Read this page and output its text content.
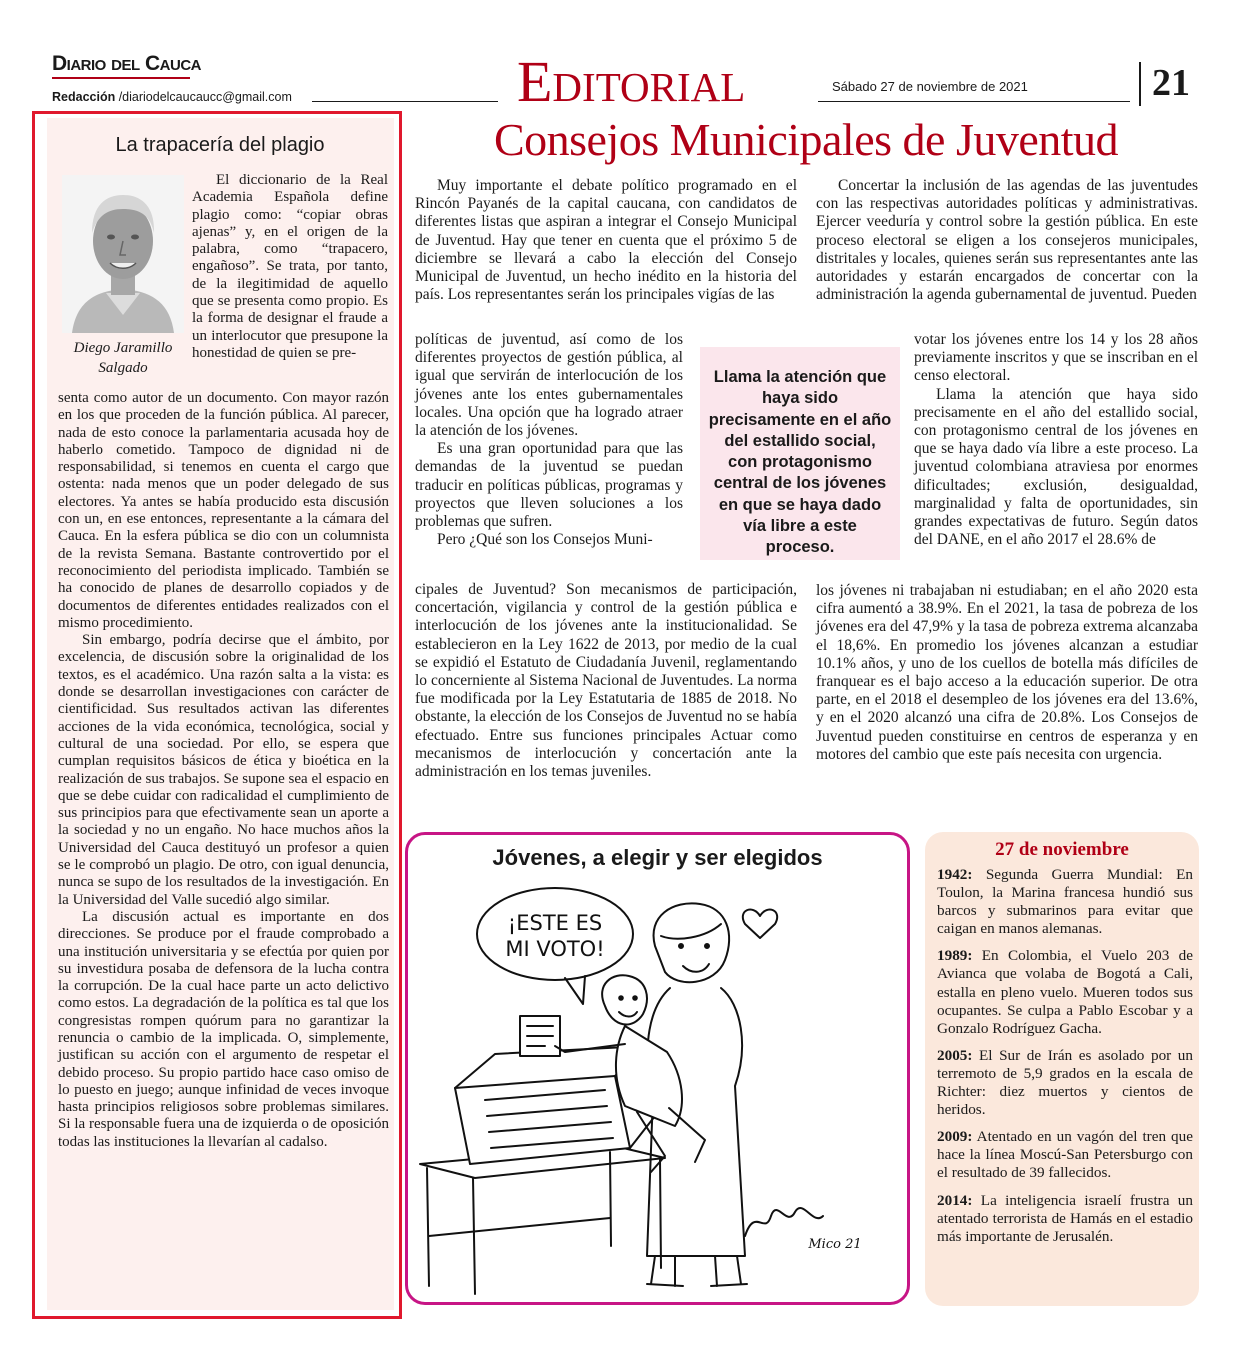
Diario del Cauca
Redacción /diariodelcaucaucc@gmail.com	Editorial	Sábado 27 de noviembre de 2021	21
La trapacería del plagio
Diego Jaramillo Salgado

El diccionario de la Real Academia Española define plagio como: “copiar obras ajenas” y, en el origen de la palabra, como “trapacero, engañoso”. Se trata, por tanto, de la ilegitimidad de aquello que se presenta como propio. Es la forma de designar el fraude a un interlocutor que presupone la honestidad de quien se pre-

senta como autor de un documento. Con mayor razón en los que proceden de la función pública. Al parecer, nada de esto conoce la parlamentaria acusada hoy de haberlo cometido. Tampoco de dignidad ni de responsabilidad, si tenemos en cuenta el cargo que ostenta: nada menos que un poder delegado de sus electores. Ya antes se había producido esta discusión con un, en ese entonces, representante a la cámara del Cauca. En la esfera pública se dio con un columnista de la revista Semana. Bastante controvertido por el reconocimiento del periodista implicado. También se ha conocido de planes de desarrollo copiados y de documentos de diferentes entidades realizados con el mismo procedimiento.

Sin embargo, podría decirse que el ámbito, por excelencia, de discusión sobre la originalidad de los textos, es el académico. Una razón salta a la vista: es donde se desarrollan investigaciones con carácter de cientificidad. Sus resultados activan las diferentes acciones de la vida económica, tecnológica, social y cultural de una sociedad. Por ello, se espera que cumplan requisitos básicos de ética y bioética en la realización de sus trabajos. Se supone sea el espacio en que se debe cuidar con radicalidad el cumplimiento de sus principios para que efectivamente sean un aporte a la sociedad y no un engaño. No hace muchos años la Universidad del Cauca destituyó un profesor a quien se le comprobó un plagio. De otro, con igual denuncia, nunca se supo de los resultados de la investigación. En la Universidad del Valle sucedió algo similar.

La discusión actual es importante en dos direcciones. Se produce por el fraude comprobado a una institución universitaria y se efectúa por quien por su investidura posaba de defensora de la lucha contra la corrupción. De la cual hace parte un acto delictivo como estos. La degradación de la política es tal que los congresistas rompen quórum para no garantizar la renuncia o cambio de la implicada. O, simplemente, justifican su acción con el argumento de respetar el debido proceso. Su propio partido hace caso omiso de lo puesto en juego; aunque infinidad de veces invoque hasta principios religiosos sobre problemas similares. Si la responsable fuera una de izquierda o de oposición todas las instituciones la llevarían al cadalso.

Consejos Municipales de Juventud

Muy importante el debate político programado en el Rincón Payanés de la capital caucana, con candidatos de diferentes listas que aspiran a integrar el Consejo Municipal de Juventud. Hay que tener en cuenta que el próximo 5 de diciembre se llevará a cabo la elección del Consejo Municipal de Juventud, un hecho inédito en la historia del país. Los representantes serán los principales vigías de las

políticas de juventud, así como de los diferentes proyectos de gestión pública, al igual que servirán de interlocución de los jóvenes ante los entes gubernamentales locales. Una opción que ha logrado atraer la atención de los jóvenes.

Es una gran oportunidad para que las demandas de la juventud se puedan traducir en políticas públicas, programas y proyectos que lleven soluciones a los problemas que sufren.

Pero ¿Qué son los Consejos Muni-

cipales de Juventud? Son mecanismos de participación, concertación, vigilancia y control de la gestión pública e interlocución de los jóvenes ante la institucionalidad. Se establecieron en la Ley 1622 de 2013, por medio de la cual se expidió el Estatuto de Ciudadanía Juvenil, reglamentando lo concerniente al Sistema Nacional de Juventudes. La norma fue modificada por la Ley Estatutaria de 1885 de 2018. No obstante, la elección de los Consejos de Juventud no se había efectuado. Entre sus funciones principales Actuar como mecanismos de interlocución y concertación ante la administración en los temas juveniles.

Llama la atención que haya sido precisamente en el año del estallido social, con protagonismo central de los jóvenes en que se haya dado vía libre a este proceso.

Concertar la inclusión de las agendas de las juventudes con las respectivas autoridades políticas y administrativas. Ejercer veeduría y control sobre la gestión pública. En este proceso electoral se eligen a los consejeros municipales, distritales y locales, quienes serán sus representantes ante las autoridades y estarán encargados de concertar con la administración la agenda gubernamental de juventud. Pueden

votar los jóvenes entre los 14 y los 28 años previamente inscritos y que se inscriban en el censo electoral.

Llama la atención que haya sido precisamente en el año del estallido social, con protagonismo central de los jóvenes en que se haya dado vía libre a este proceso. La juventud colombiana atraviesa por enormes dificultades; exclusión, desigualdad, marginalidad y falta de oportunidades, sin grandes expectativas de futuro. Según datos del DANE, en el año 2017 el 28.6% de

los jóvenes ni trabajaban ni estudiaban; en el año 2020 esta cifra aumentó a 38.9%. En el 2021, la tasa de pobreza de los jóvenes era del 47,9% y la tasa de pobreza extrema alcanzaba el 18,6%. En promedio los jóvenes alcanzan a estudiar 10.1% años, y uno de los cuellos de botella más difíciles de franquear es el bajo acceso a la educación superior. De otra parte, en el 2018 el desempleo de los jóvenes era del 13.6%, y en el 2020 alcanzó una cifra de 20.8%. Los Consejos de Juventud pueden constituirse en centros de esperanza y en motores del cambio que este país necesita con urgencia.

Jóvenes, a elegir y ser elegidos
¡ESTE ES
MI VOTO!
Mico 21
27 de noviembre
1942: Segunda Guerra Mundial: En Toulon, la Marina francesa hundió sus barcos y submarinos para evitar que caigan en manos alemanas.
1989: En Colombia, el Vuelo 203 de Avianca que volaba de Bogotá a Cali, estalla en pleno vuelo. Mueren todos sus ocupantes. Se culpa a Pablo Escobar y a Gonzalo Rodríguez Gacha.
2005: El Sur de Irán es asolado por un terremoto de 5,9 grados en la escala de Richter: diez muertos y cientos de heridos.
2009: Atentado en un vagón del tren que hace la línea Moscú-San Petersburgo con el resultado de 39 fallecidos.
2014: La inteligencia israelí frustra un atentado terrorista de Hamás en el estadio más importante de Jerusalén.
